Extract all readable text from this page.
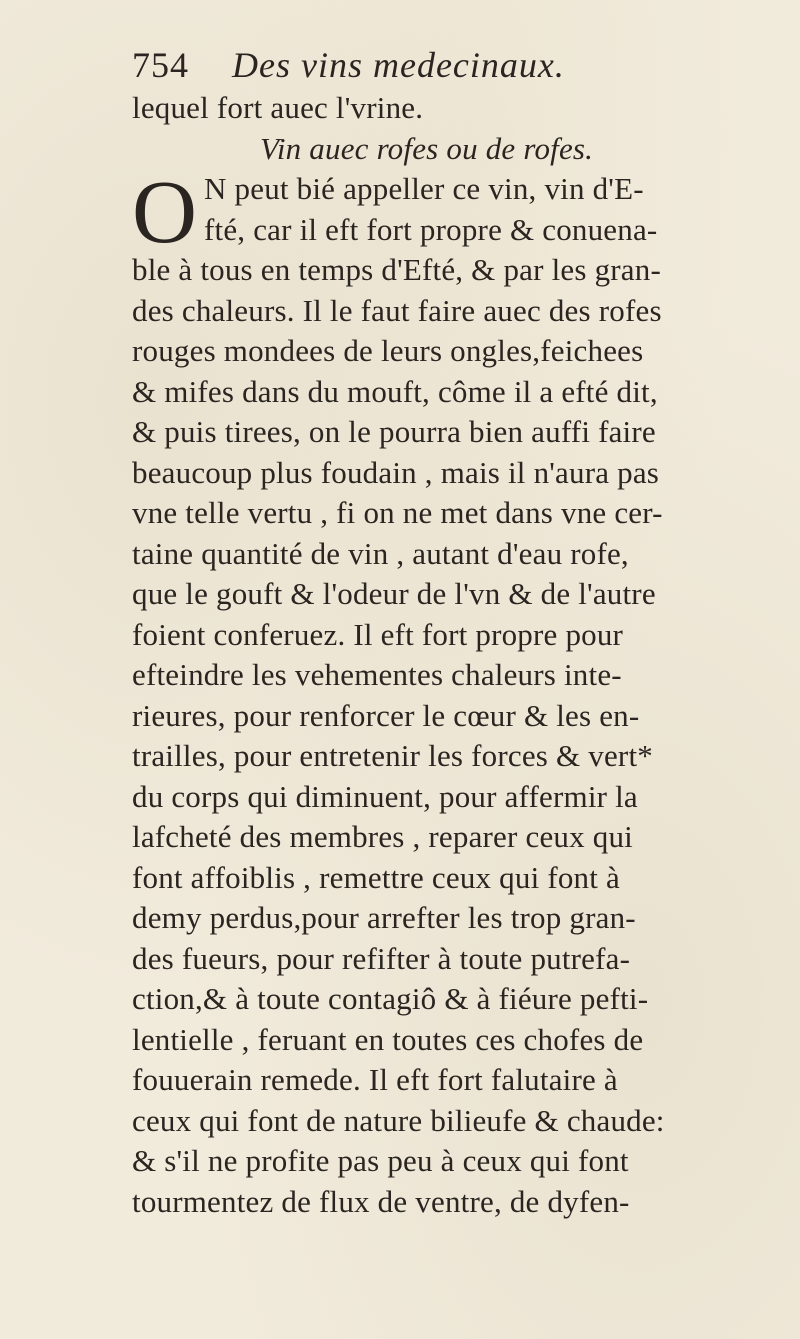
754 Des vins medecinaux.
lequel fort auec l'vrine.
Vin auec rofes ou de rofes.
O N peut bié appeller ce vin, vin d'E-
fté, car il eft fort propre & conuena-
ble à tous en temps d'Efté, & par les gran-
des chaleurs. Il le faut faire auec des rofes
rouges mondees de leurs ongles,feichees
& mifes dans du mouft, côme il a efté dit,
& puis tirees, on le pourra bien auffi faire
beaucoup plus foudain , mais il n'aura pas
vne telle vertu , fi on ne met dans vne cer-
taine quantité de vin , autant d'eau rofe,
que le gouft & l'odeur de l'vn & de l'autre
foient conferuez. Il eft fort propre pour
efteindre les vehementes chaleurs inte-
rieures, pour renforcer le cœur & les en-
trailles, pour entretenir les forces & vert*
du corps qui diminuent, pour affermir la
lafcheté des membres , reparer ceux qui
font affoiblis , remettre ceux qui font à
demy perdus,pour arrefter les trop gran-
des fueurs, pour refifter à toute putrefa-
ction,& à toute contagiô & à fiéure pefti-
lentielle , feruant en toutes ces chofes de
fouuerain remede. Il eft fort falutaire à
ceux qui font de nature bilieufe & chaude:
& s'il ne profite pas peu à ceux qui font
tourmentez de flux de ventre, de dyfen-
